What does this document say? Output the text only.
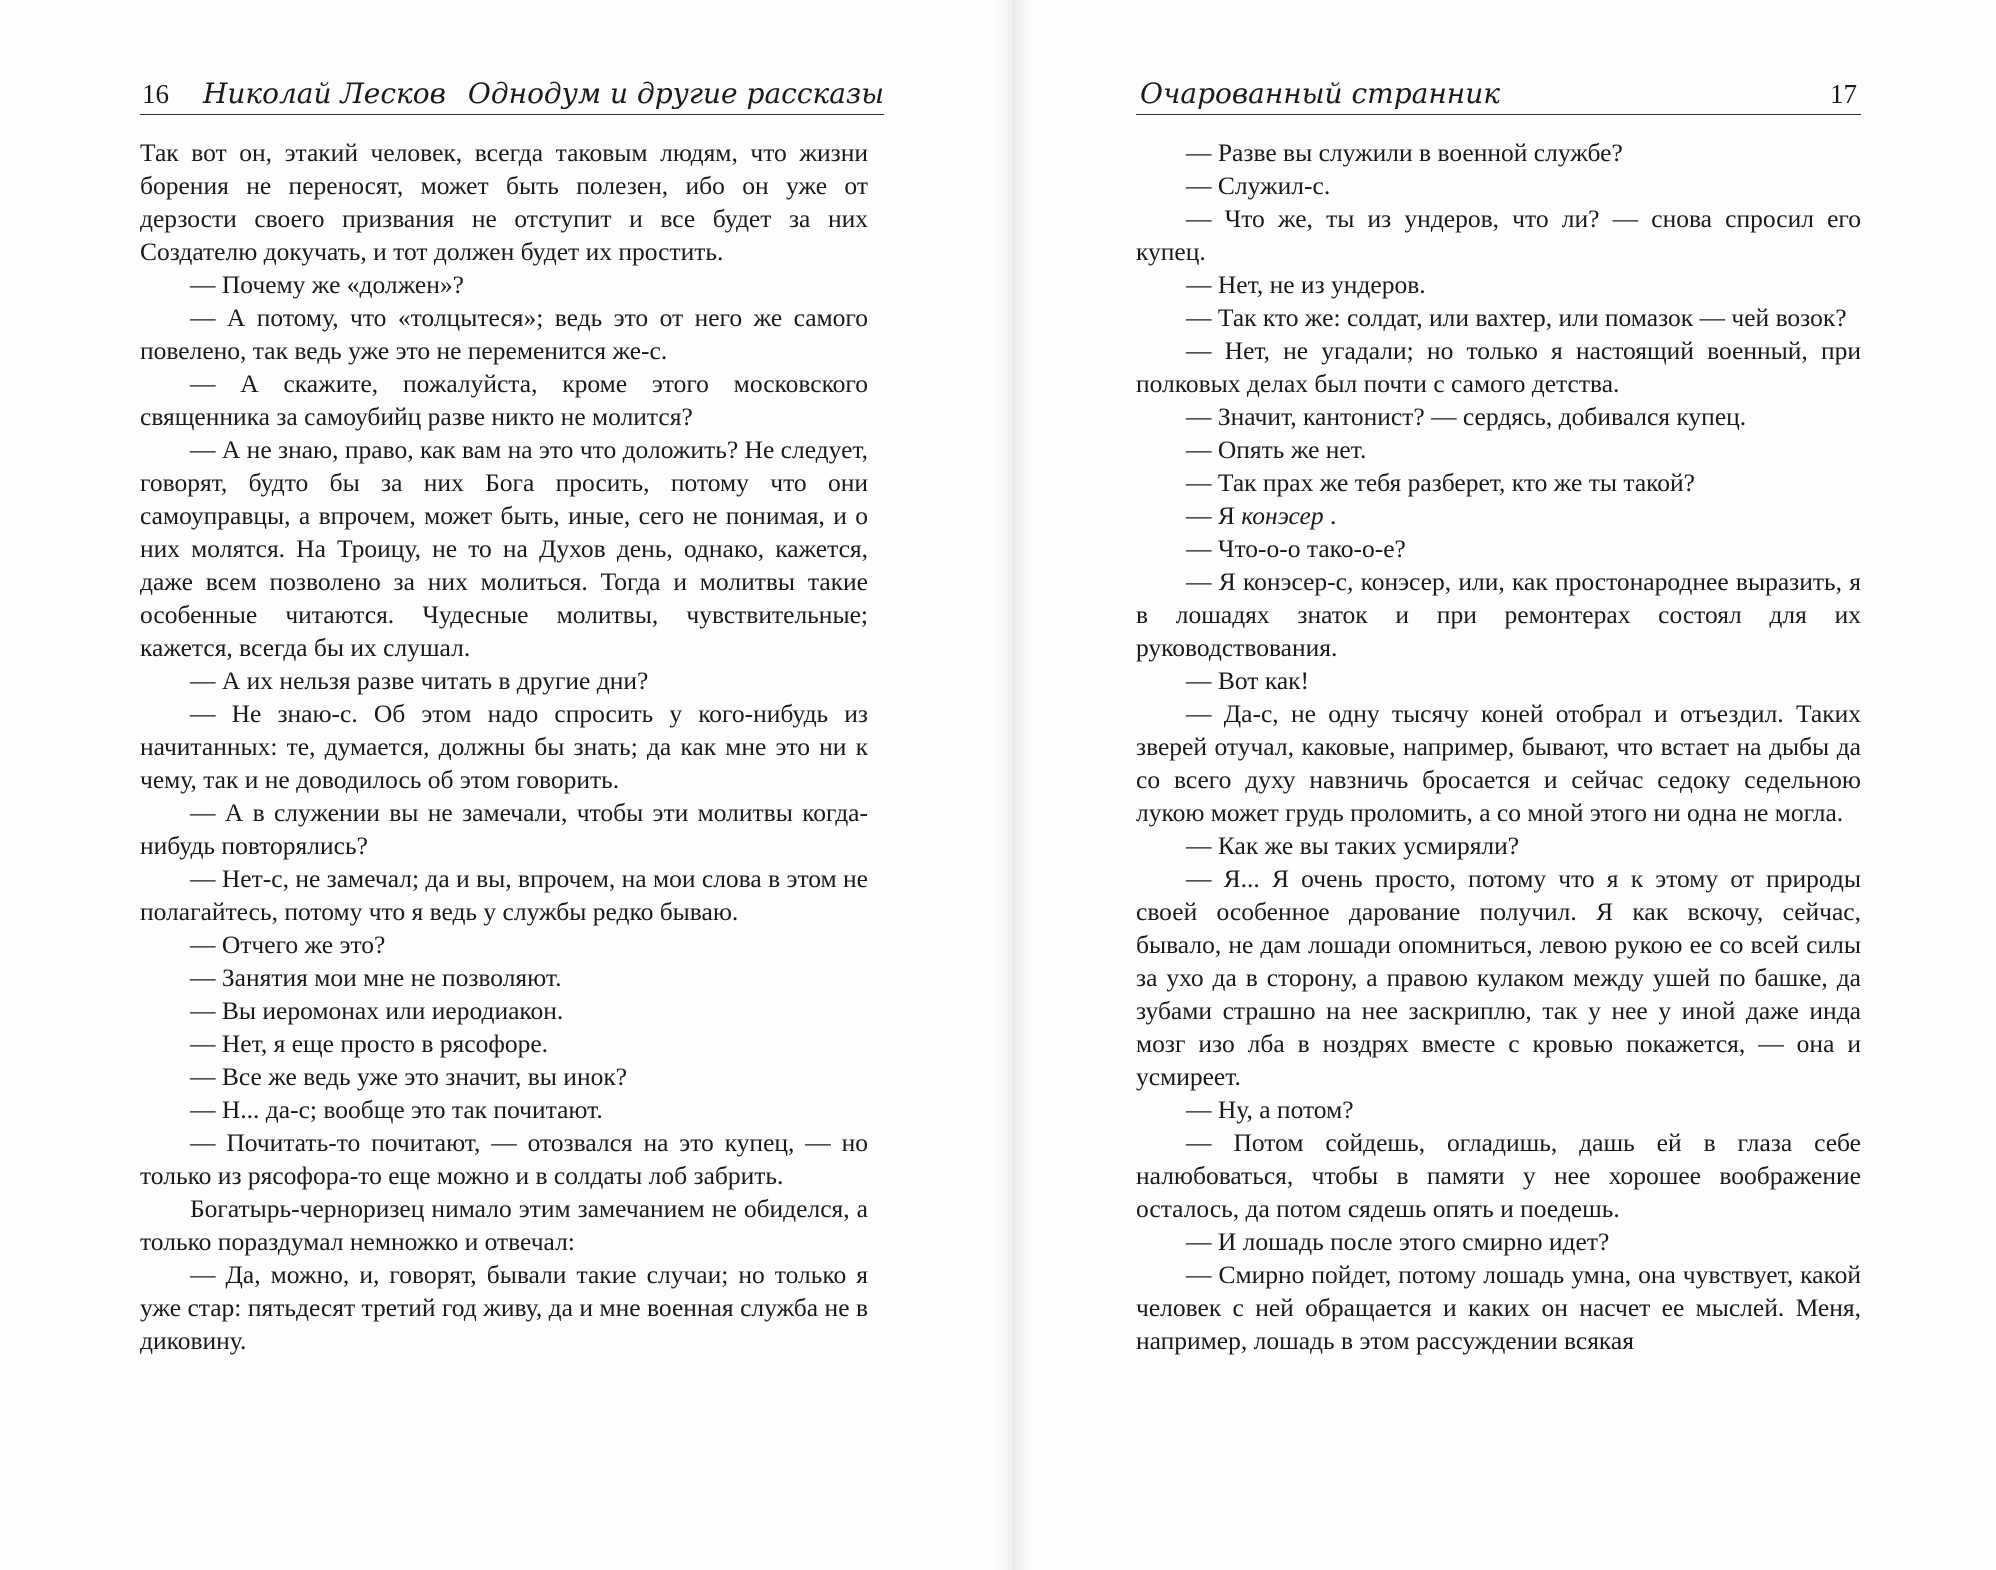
16 Николай Лесков Однодум и другие рассказы

Так вот он, этакий человек, всегда таковым людям, что жизни борения не переносят, может быть полезен, ибо он уже от дерзости своего призвания не отступит и все будет за них Создателю докучать, и тот должен будет их простить.

— Почему же «должен»?

— А потому, что «толцытеся»; ведь это от него же самого повелено, так ведь уже это не переменится же-с.

— А скажите, пожалуйста, кроме этого московского священника за самоубийц разве никто не молится?

— А не знаю, право, как вам на это что доложить? Не следует, говорят, будто бы за них Бога просить, потому что они самоуправцы, а впрочем, может быть, иные, сего не понимая, и о них молятся. На Троицу, не то на Духов день, однако, кажется, даже всем позволено за них молиться. Тогда и молитвы такие особенные читаются. Чудесные молитвы, чувствительные; кажется, всегда бы их слушал.

— А их нельзя разве читать в другие дни?

— Не знаю-с. Об этом надо спросить у кого-нибудь из начитанных: те, думается, должны бы знать; да как мне это ни к чему, так и не доводилось об этом говорить.

— А в служении вы не замечали, чтобы эти молитвы когда-нибудь повторялись?

— Нет-с, не замечал; да и вы, впрочем, на мои слова в этом не полагайтесь, потому что я ведь у службы редко бываю.

— Отчего же это?

— Занятия мои мне не позволяют.

— Вы иеромонах или иеродиакон.

— Нет, я еще просто в рясофоре.

— Все же ведь уже это значит, вы инок?

— Н... да-с; вообще это так почитают.

— Почитать-то почитают, — отозвался на это купец, — но только из рясофора-то еще можно и в солдаты лоб забрить.

Богатырь-черноризец нимало этим замечанием не обиделся, а только пораздумал немножко и отвечал:

— Да, можно, и, говорят, бывали такие случаи; но только я уже стар: пятьдесят третий год живу, да и мне военная служба не в диковину.

Очарованный странник	17

— Разве вы служили в военной службе?

— Служил-с.

— Что же, ты из ундеров, что ли? — снова спросил его купец.

— Нет, не из ундеров.

— Так кто же: солдат, или вахтер, или помазок — чей возок?

— Нет, не угадали; но только я настоящий военный, при полковых делах был почти с самого детства.

— Значит, кантонист? — сердясь, добивался купец.

— Опять же нет.

— Так прах же тебя разберет, кто же ты такой?

— Я конэсер .

— Что-о-о тако-о-е?

— Я конэсер-с, конэсер, или, как простонароднее выразить, я в лошадях знаток и при ремонтерах состоял для их руководствования.

— Вот как!

— Да-с, не одну тысячу коней отобрал и отъездил. Таких зверей отучал, каковые, например, бывают, что встает на дыбы да со всего духу навзничь бросается и сейчас седоку седельною лукою может грудь проломить, а со мной этого ни одна не могла.

— Как же вы таких усмиряли?

— Я... Я очень просто, потому что я к этому от природы своей особенное дарование получил. Я как вскочу, сейчас, бывало, не дам лошади опомниться, левою рукою ее со всей силы за ухо да в сторону, а правою кулаком между ушей по башке, да зубами страшно на нее заскриплю, так у нее у иной даже инда мозг изо лба в ноздрях вместе с кровью покажется, — она и усмиреет.

— Ну, а потом?

— Потом сойдешь, огладишь, дашь ей в глаза себе налюбоваться, чтобы в памяти у нее хорошее воображение осталось, да потом сядешь опять и поедешь.

— И лошадь после этого смирно идет?

— Смирно пойдет, потому лошадь умна, она чувствует, какой человек с ней обращается и каких он насчет ее мыслей. Меня, например, лошадь в этом рассуждении всякая
